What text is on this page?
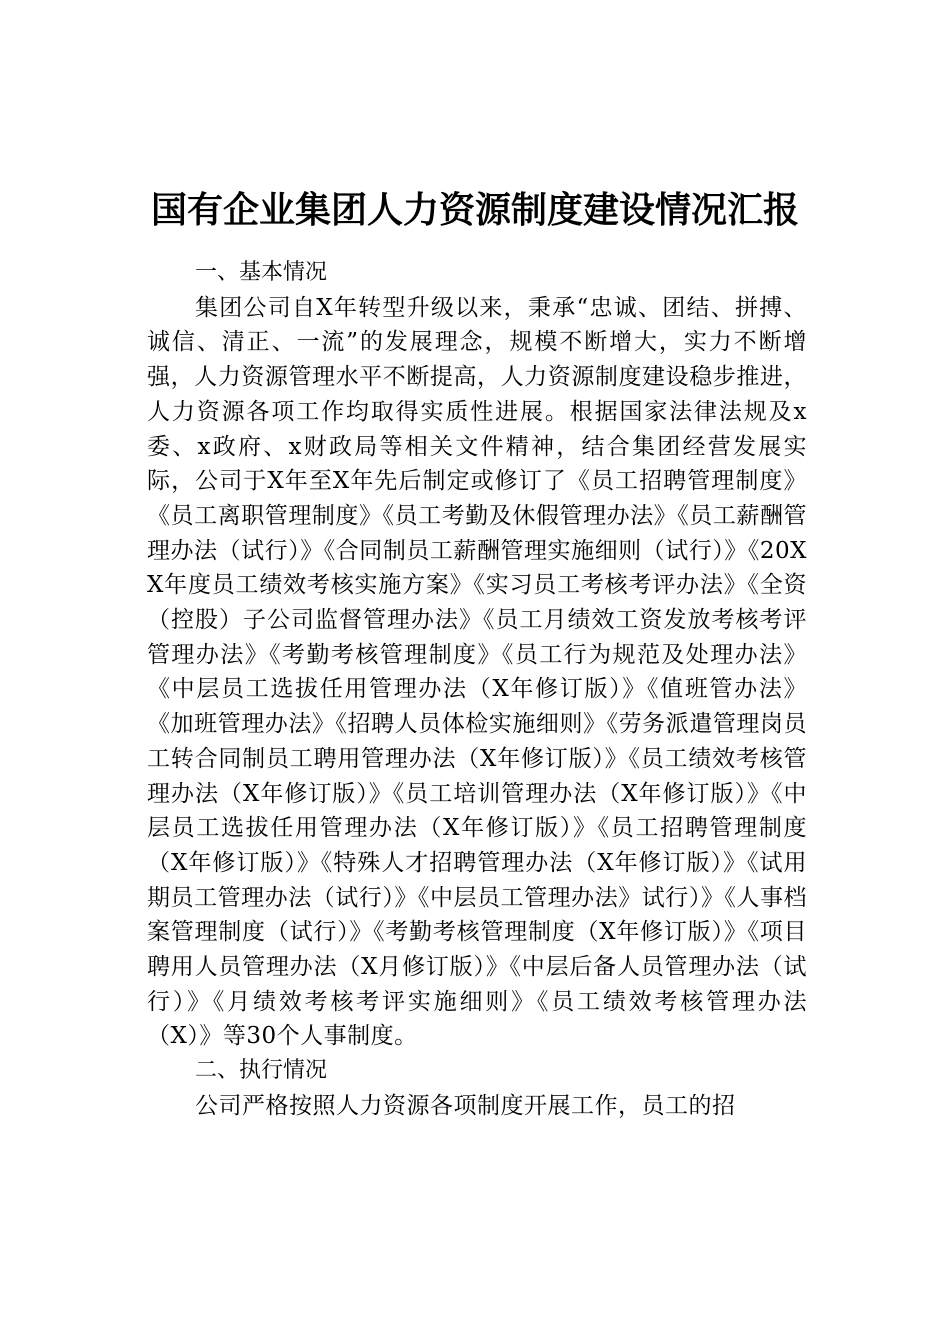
国有企业集团人力资源制度建设情况汇报

一、基本情况

集团公司自X年转型升级以来，秉承“忠诚、团结、拼搏、诚信、清正、一流”的发展理念，规模不断增大，实力不断增强，人力资源管理水平不断提高，人力资源制度建设稳步推进，人力资源各项工作均取得实质性进展。根据国家法律法规及x委、x政府、x财政局等相关文件精神，结合集团经营发展实际，公司于X年至X年先后制定或修订了《员工招聘管理制度》《员工离职管理制度》《员工考勤及休假管理办法》《员工薪酬管理办法（试行）》《合同制员工薪酬管理实施细则（试行）》《20XX年度员工绩效考核实施方案》《实习员工考核考评办法》《全资（控股）子公司监督管理办法》《员工月绩效工资发放考核考评管理办法》《考勤考核管理制度》《员工行为规范及处理办法》《中层员工选拔任用管理办法（X年修订版）》《值班管办法》《加班管理办法》《招聘人员体检实施细则》《劳务派遣管理岗员工转合同制员工聘用管理办法（X年修订版）》《员工绩效考核管理办法（X年修订版）》《员工培训管理办法（X年修订版）》《中层员工选拔任用管理办法（X年修订版）》《员工招聘管理制度（X年修订版）》《特殊人才招聘管理办法（X年修订版）》《试用期员工管理办法（试行）》《中层员工管理办法》试行）》《人事档案管理制度（试行）》《考勤考核管理制度（X年修订版）》《项目聘用人员管理办法（X月修订版）》《中层后备人员管理办法（试行）》《月绩效考核考评实施细则》《员工绩效考核管理办法（X）》等30个人事制度。

二、执行情况

公司严格按照人力资源各项制度开展工作，员工的招
